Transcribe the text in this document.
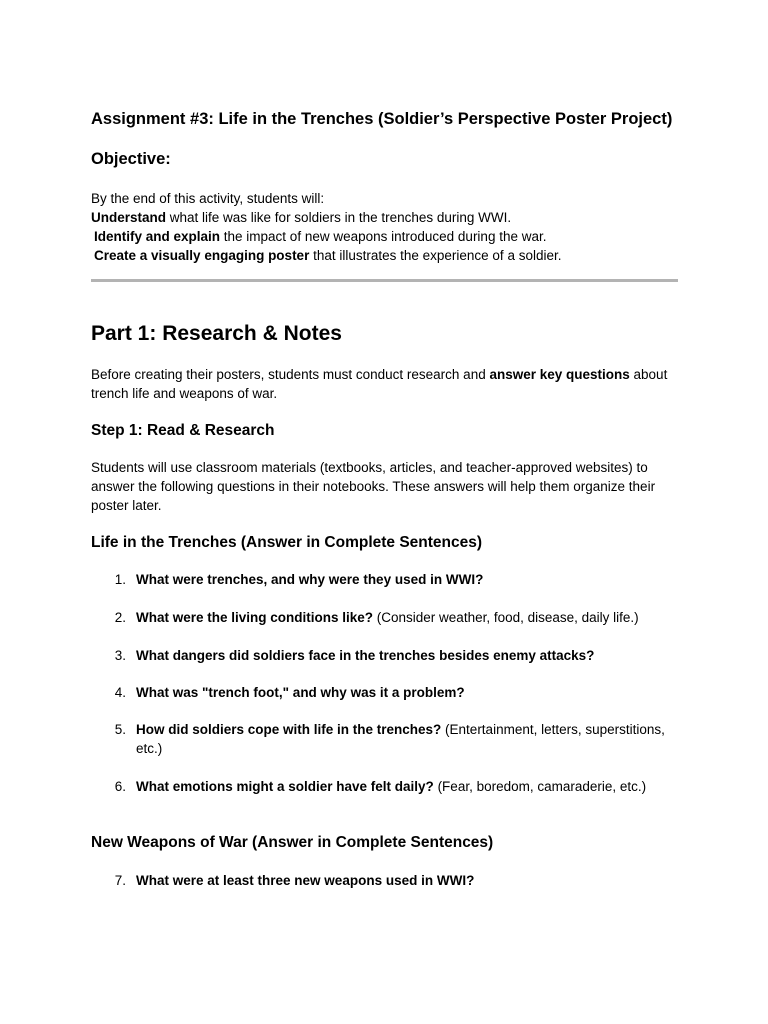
Assignment #3: Life in the Trenches (Soldier’s Perspective Poster Project)
Objective:
By the end of this activity, students will:
Understand what life was like for soldiers in the trenches during WWI.
Identify and explain the impact of new weapons introduced during the war.
Create a visually engaging poster that illustrates the experience of a soldier.
Part 1: Research & Notes
Before creating their posters, students must conduct research and answer key questions about trench life and weapons of war.
Step 1: Read & Research
Students will use classroom materials (textbooks, articles, and teacher-approved websites) to answer the following questions in their notebooks. These answers will help them organize their poster later.
Life in the Trenches (Answer in Complete Sentences)
1. What were trenches, and why were they used in WWI?
2. What were the living conditions like? (Consider weather, food, disease, daily life.)
3. What dangers did soldiers face in the trenches besides enemy attacks?
4. What was "trench foot," and why was it a problem?
5. How did soldiers cope with life in the trenches? (Entertainment, letters, superstitions, etc.)
6. What emotions might a soldier have felt daily? (Fear, boredom, camaraderie, etc.)
New Weapons of War (Answer in Complete Sentences)
7. What were at least three new weapons used in WWI?
